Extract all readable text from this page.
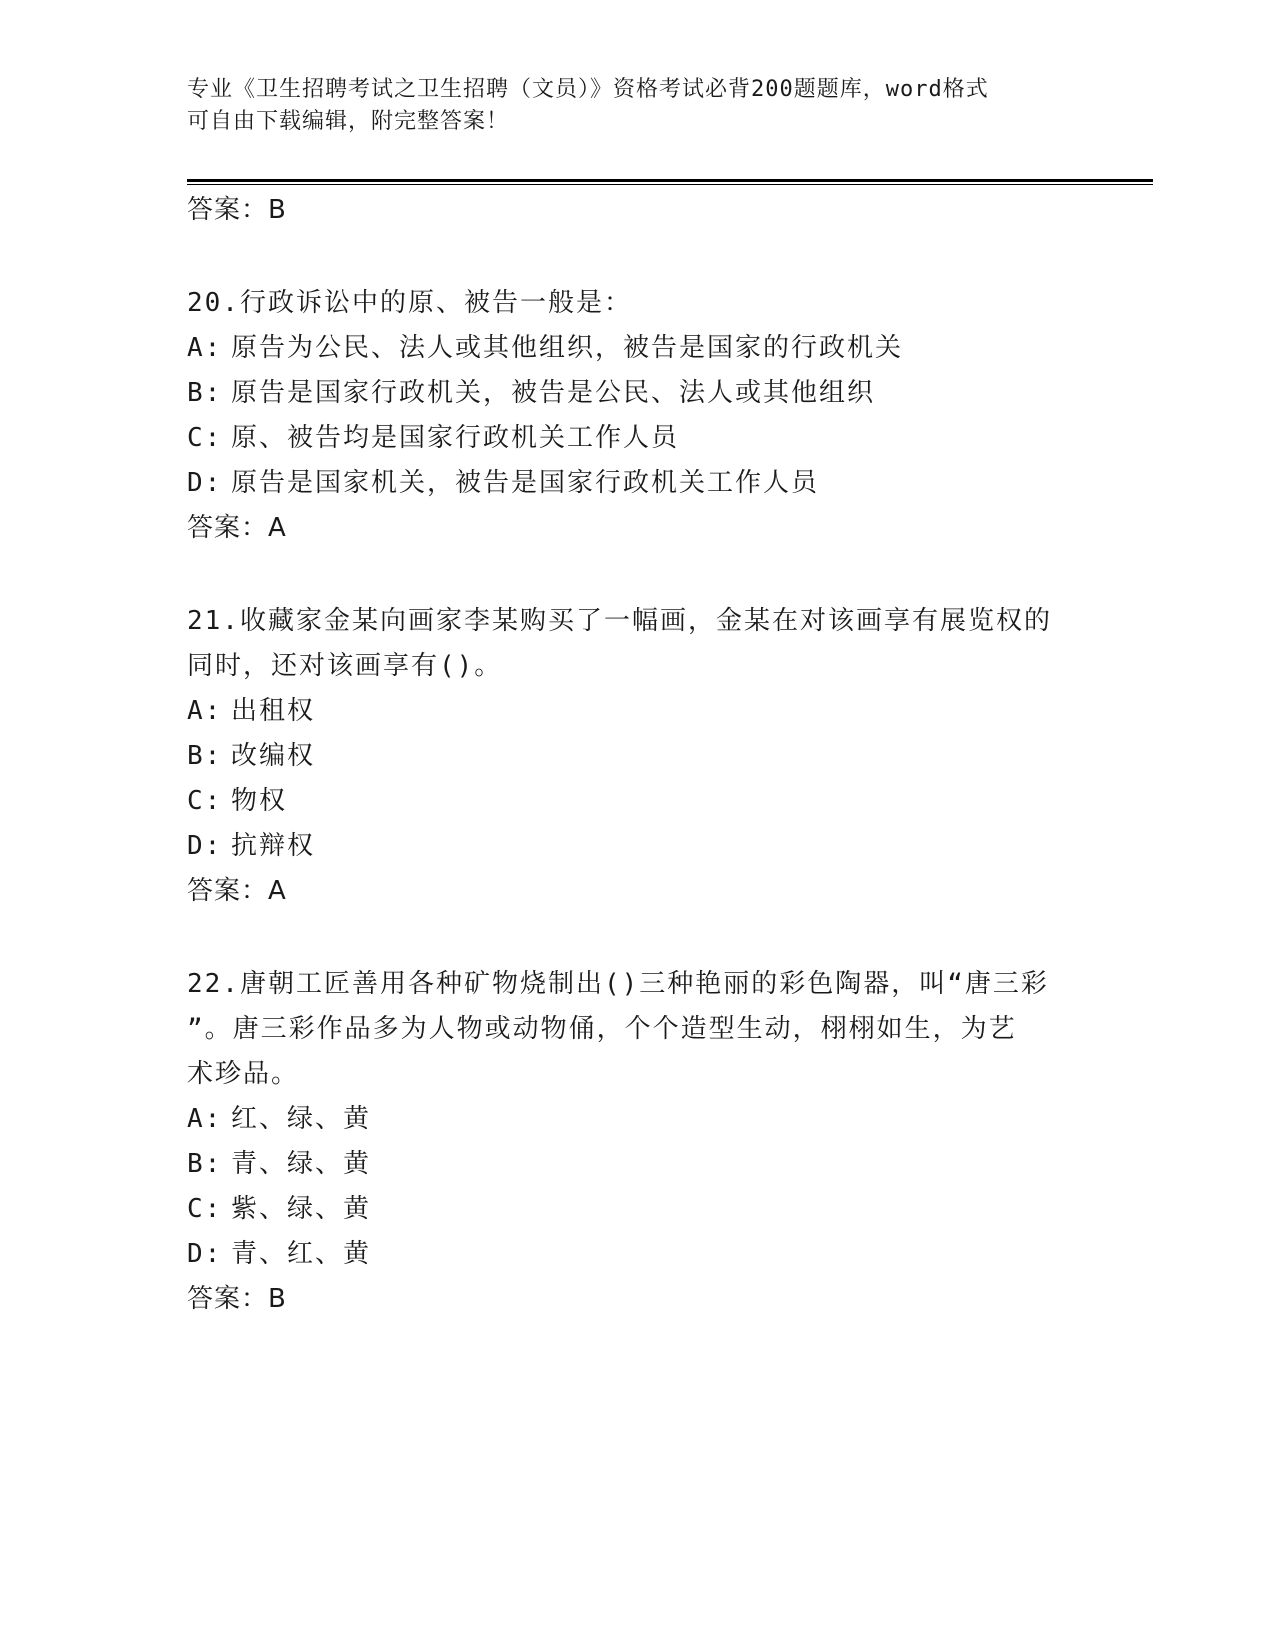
专业《卫生招聘考试之卫生招聘（文员）》资格考试必背200题题库，word格式
可自由下载编辑，附完整答案！
答案：B
20.行政诉讼中的原、被告一般是：
A: 原告为公民、法人或其他组织，被告是国家的行政机关
B: 原告是国家行政机关，被告是公民、法人或其他组织
C: 原、被告均是国家行政机关工作人员
D: 原告是国家机关，被告是国家行政机关工作人员
答案：A
21.收藏家金某向画家李某购买了一幅画，金某在对该画享有展览权的
同时，还对该画享有()。
A: 出租权
B: 改编权
C: 物权
D: 抗辩权
答案：A
22.唐朝工匠善用各种矿物烧制出()三种艳丽的彩色陶器，叫“唐三彩
”。唐三彩作品多为人物或动物俑，个个造型生动，栩栩如生，为艺
术珍品。
A: 红、绿、黄
B: 青、绿、黄
C: 紫、绿、黄
D: 青、红、黄
答案：B
